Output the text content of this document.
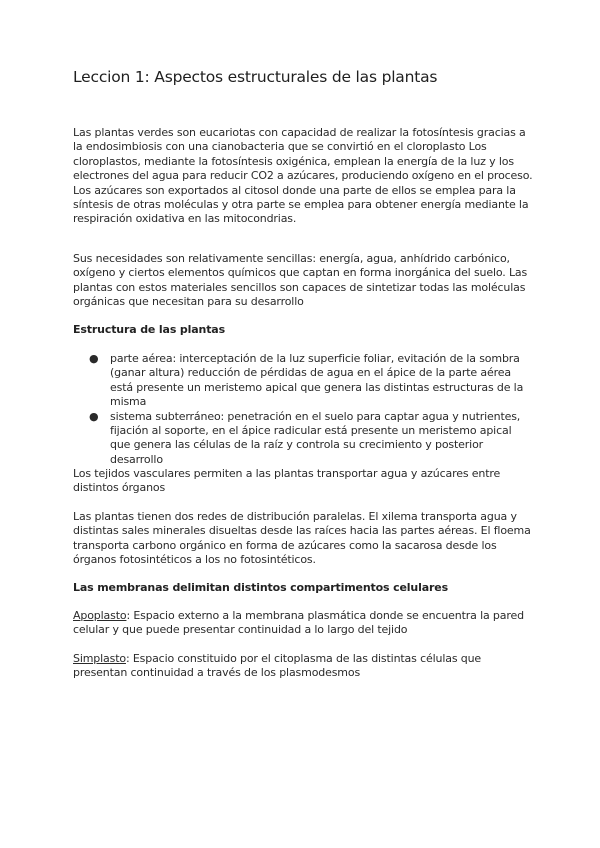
Leccion 1: Aspectos estructurales de las plantas

Las plantas verdes son eucariotas con capacidad de realizar la fotosíntesis gracias a la endosimbiosis con una cianobacteria que se convirtió en el cloroplasto Los cloroplastos, mediante la fotosíntesis oxigénica, emplean la energía de la luz y los electrones del agua para reducir CO2 a azúcares, produciendo oxígeno en el proceso. Los azúcares son exportados al citosol donde una parte de ellos se emplea para la síntesis de otras moléculas y otra parte se emplea para obtener energía mediante la respiración oxidativa en las mitocondrias.

Sus necesidades son relativamente sencillas: energía, agua, anhídrido carbónico, oxígeno y ciertos elementos químicos que captan en forma inorgánica del suelo. Las plantas con estos materiales sencillos son capaces de sintetizar todas las moléculas orgánicas que necesitan para su desarrollo

Estructura de las plantas
● parte aérea: interceptación de la luz superficie foliar, evitación de la sombra (ganar altura) reducción de pérdidas de agua en el ápice de la parte aérea está presente un meristemo apical que genera las distintas estructuras de la misma
● sistema subterráneo: penetración en el suelo para captar agua y nutrientes, fijación al soporte, en el ápice radicular está presente un meristemo apical que genera las células de la raíz y controla su crecimiento y posterior desarrollo

Los tejidos vasculares permiten a las plantas transportar agua y azúcares entre distintos órganos

Las plantas tienen dos redes de distribución paralelas. El xilema transporta agua y distintas sales minerales disueltas desde las raíces hacia las partes aéreas. El floema transporta carbono orgánico en forma de azúcares como la sacarosa desde los órganos fotosintéticos a los no fotosintéticos.

Las membranas delimitan distintos compartimentos celulares

Apoplasto: Espacio externo a la membrana plasmática donde se encuentra la pared celular y que puede presentar continuidad a lo largo del tejido

Simplasto: Espacio constituido por el citoplasma de las distintas células que presentan continuidad a través de los plasmodesmos
